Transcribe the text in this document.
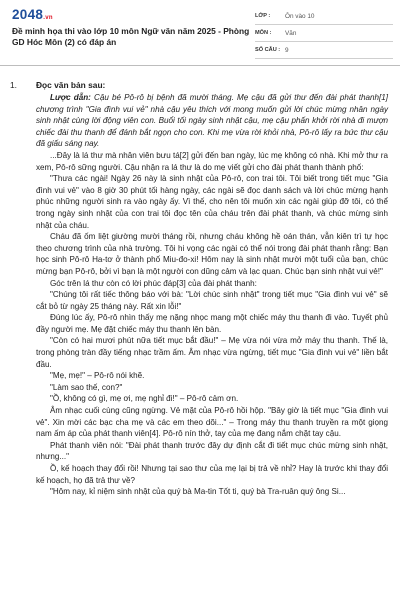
2048.vn
Đề minh họa thi vào lớp 10 môn Ngữ văn năm 2025 - Phòng GD Hóc Môn (2) có đáp án
LỚP :	Ôn vào 10
MÔN :	Văn
SỐ CÂU : 9
1.	Đọc văn bản sau:

Lược dẫn: Cậu bé Pô-rô bị bệnh đã mười tháng. Mẹ cậu đã gửi thư đến đài phát thanh[1] chương trình "Gia đình vui vẻ" nhà cậu yêu thích với mong muốn gửi lời chúc mừng nhân ngày sinh nhật cùng lời động viên con. Buổi tối ngày sinh nhật cậu, mẹ cậu phấn khởi rời nhà đi mượn chiếc đài thu thanh để đánh bắt ngọn cho con. Khi mẹ vừa rời khỏi nhà, Pô-rô lấy ra bức thư cậu đã giấu sáng nay.

...Đây là lá thư mà nhân viên bưu tá[2] gửi đến ban ngày, lúc mẹ không có nhà. Khi mở thư ra xem, Pô-rô sững người. Cậu nhận ra lá thư là do mẹ viết gửi cho đài phát thanh thành phố:

"Thưa các ngài! Ngày 26 này là sinh nhật của Pô-rô, con trai tôi. Tôi biết trong tiết mục "Gia đình vui vẻ" vào 8 giờ 30 phút tối hàng ngày, các ngài sẽ đọc danh sách và lời chúc mừng hạnh phúc những người sinh ra vào ngày ấy. Vì thế, cho nên tôi muốn xin các ngài giúp đỡ tôi, có thể trong ngày sinh nhật của con trai tôi đọc tên của cháu trên đài phát thanh, và chúc mừng sinh nhật của cháu.

Cháu đã ốm liệt giường mười tháng rồi, nhưng cháu không hề oán thán, vẫn kiên trì tự học theo chương trình của nhà trường. Tôi hi vọng các ngài có thể nói trong đài phát thanh rằng: Bạn học sinh Pô-rô Ha-tơ ở thành phố Miu-đo-xi! Hôm nay là sinh nhật mười một tuổi của bạn, chúc mừng bạn Pô-rô, bởi vì bạn là một người con dũng cảm và lạc quan. Chúc bạn sinh nhật vui vẻ!"

Góc trên lá thư còn có lời phúc đáp[3] của đài phát thanh:

"Chúng tôi rất tiếc thông báo với bà: "Lời chúc sinh nhật" trong tiết mục "Gia đình vui vẻ" sẽ cắt bỏ từ ngày 25 tháng này. Rất xin lỗi!"

Đúng lúc ấy, Pô-rô nhìn thấy mẹ nặng nhọc mang một chiếc máy thu thanh đi vào. Tuyết phủ đầy người mẹ. Mẹ đặt chiếc máy thu thanh lên bàn.

"Còn có hai mươi phút nữa tiết mục bắt đầu!" – Mẹ vừa nói vừa mở máy thu thanh. Thế là, trong phòng tràn đầy tiếng nhạc trầm ấm. Âm nhạc vừa ngừng, tiết mục "Gia đình vui vẻ" liền bắt đầu.

"Mẹ, mẹ!" – Pô-rô nói khẽ.

"Làm sao thế, con?"

"Ồ, không có gì, mẹ ơi, mẹ nghỉ đi!" – Pô-rô cảm ơn.

Âm nhạc cuối cùng cũng ngừng. Vẻ mặt của Pô-rô hồi hộp. "Bây giờ là tiết mục "Gia đình vui vẻ". Xin mời các bạc cha mẹ và các em theo dõi..." – Trong máy thu thanh truyền ra một giọng nam ấm áp của phát thanh viên[4]. Pô-rô nín thở, tay của mẹ đang nắm chặt tay cậu.

Phát thanh viên nói: "Đài phát thanh trước đây dự định cắt đi tiết mục chúc mừng sinh nhật, nhưng..."

Ồ, kế hoạch thay đổi rồi! Nhưng tại sao thư của mẹ lại bị trả về nhỉ? Hay là trước khi thay đổi kế hoạch, họ đã trả thư về?

"Hôm nay, kỉ niệm sinh nhật của quý bà Ma-tin Tốt ti, quý bà Tra-ruân quý ông Si...
